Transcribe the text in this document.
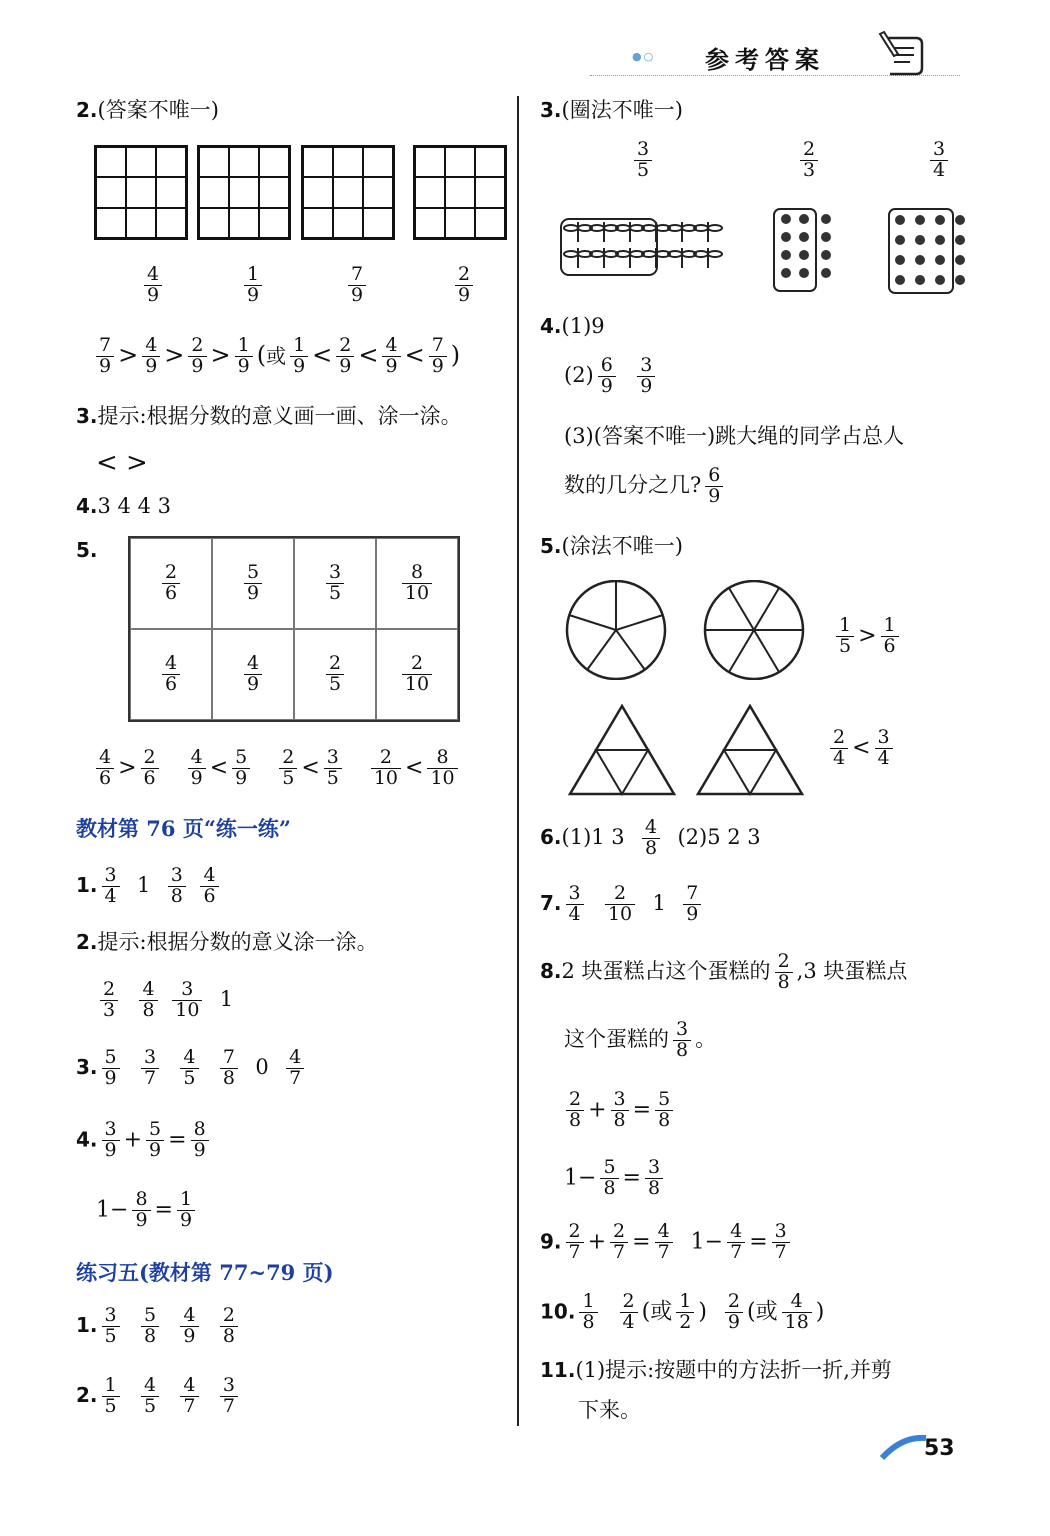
●○ 参考答案
2.(答案不唯一)
$\frac{4}{9}$	$\frac{1}{9}$	$\frac{7}{9}$	$\frac{2}{9}$
$\frac{7}{9} > \frac{4}{9} > \frac{2}{9} > \frac{1}{9}$ (或 $\frac{1}{9} < \frac{2}{9} < \frac{4}{9} < \frac{7}{9}$ )
3.提示:根据分数的意义画一画、涂一涂。
< >
4.3 4 4 3
5.
$\frac{2}{6}$	$\frac{5}{9}$	$\frac{3}{5}$	$\frac{8}{10}$
$\frac{4}{6}$	$\frac{4}{9}$	$\frac{2}{5}$	$\frac{2}{10}$
$\frac{4}{6} > \frac{2}{6}$
$\frac{4}{9} < \frac{5}{9}$
$\frac{2}{5} < \frac{3}{5}$
$\frac{2}{10} < \frac{8}{10}$
教材第 76 页“练一练”
1. $\frac{3}{4} 1 \frac{3}{8}$
$\frac{4}{6}$
2.提示:根据分数的意义涂一涂。
$\frac{2}{3}$
$\frac{4}{8}$
$\frac{3}{10} 1$
3. $\frac{5}{9}$
$\frac{3}{7}$
$\frac{4}{5}$
$\frac{7}{8} 0 \frac{4}{7}$
4. $\frac{3}{9} + \frac{5}{9} = \frac{8}{9}$
$1- \frac{8}{9} = \frac{1}{9}$
练习五(教材第 77~79 页)
1. $\frac{3}{5}$
$\frac{5}{8}$
$\frac{4}{9}$
$\frac{2}{8}$
2. $\frac{1}{5}$
$\frac{4}{5}$
$\frac{4}{7}$
$\frac{3}{7}$
3.(圈法不唯一)
$\frac{3}{5}$	$\frac{2}{3}$	$\frac{3}{4}$
4.(1)9
$(2) \frac{6}{9}$
$\frac{3}{9}$
(3)(答案不唯一)跳大绳的同学占总人
数的几分之几? $\frac{6}{9}$
5.(涂法不唯一)
$\frac{1}{5} > \frac{1}{6}$
$\frac{2}{4} < \frac{3}{4}$
6.(1)1 $3 \frac{4}{8} (2)5$ 2 3
7. $\frac{3}{4}$
$\frac{2}{10} 1 \frac{7}{9}$
8.2 块蛋糕占这个蛋糕的 $\frac{2}{8} ,3$ 块蛋糕点
这个蛋糕的 $\frac{3}{8}$ 。
$\frac{2}{8} + \frac{3}{8} = \frac{5}{8}$
$1- \frac{5}{8} = \frac{3}{8}$
9. $\frac{2}{7} + \frac{2}{7} = \frac{4}{7} 1- \frac{4}{7} = \frac{3}{7}$
10. $\frac{1}{8}$
$\frac{2}{4}$ (或 $\frac{1}{2}$ ) $\frac{2}{9}$ (或 $\frac{4}{18}$ )
11.(1)提示:按题中的方法折一折,并剪
下来。
53
